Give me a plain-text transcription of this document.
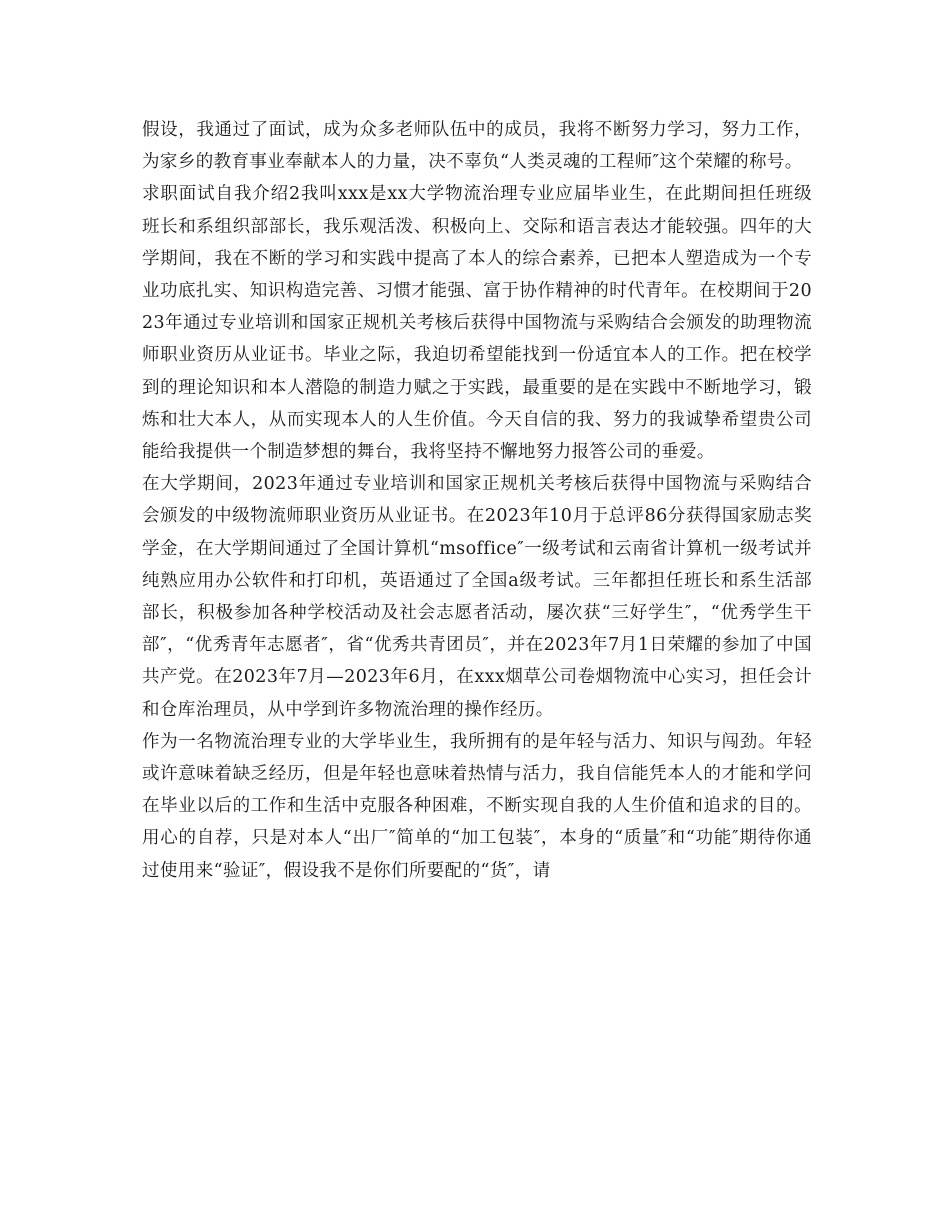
假设，我通过了面试，成为众多老师队伍中的成员，我将不断努力学习，努力工作，为家乡的教育事业奉献本人的力量，决不辜负“人类灵魂的工程师″这个荣耀的称号。

求职面试自我介绍2我叫xxx是xx大学物流治理专业应届毕业生，在此期间担任班级班长和系组织部部长，我乐观活泼、积极向上、交际和语言表达才能较强。四年的大学期间，我在不断的学习和实践中提高了本人的综合素养，已把本人塑造成为一个专业功底扎实、知识构造完善、习惯才能强、富于协作精神的时代青年。在校期间于2023年通过专业培训和国家正规机关考核后获得中国物流与采购结合会颁发的助理物流师职业资历从业证书。毕业之际，我迫切希望能找到一份适宜本人的工作。把在校学到的理论知识和本人潜隐的制造力赋之于实践，最重要的是在实践中不断地学习，锻炼和壮大本人，从而实现本人的人生价值。今天自信的我、努力的我诚挚希望贵公司能给我提供一个制造梦想的舞台，我将坚持不懈地努力报答公司的垂爱。

在大学期间，2023年通过专业培训和国家正规机关考核后获得中国物流与采购结合会颁发的中级物流师职业资历从业证书。在2023年10月于总评86分获得国家励志奖学金，在大学期间通过了全国计算机“msoffice″一级考试和云南省计算机一级考试并纯熟应用办公软件和打印机，英语通过了全国a级考试。三年都担任班长和系生活部部长，积极参加各种学校活动及社会志愿者活动，屡次获“三好学生″，“优秀学生干部″，“优秀青年志愿者″，省“优秀共青团员″，并在2023年7月1日荣耀的参加了中国共产党。在2023年7月—2023年6月，在xxx烟草公司卷烟物流中心实习，担任会计和仓库治理员，从中学到许多物流治理的操作经历。

作为一名物流治理专业的大学毕业生，我所拥有的是年轻与活力、知识与闯劲。年轻或许意味着缺乏经历，但是年轻也意味着热情与活力，我自信能凭本人的才能和学问在毕业以后的工作和生活中克服各种困难，不断实现自我的人生价值和追求的目的。用心的自荐，只是对本人“出厂″简单的“加工包装″，本身的“质量″和“功能″期待你通过使用来“验证″，假设我不是你们所要配的“货″，请
